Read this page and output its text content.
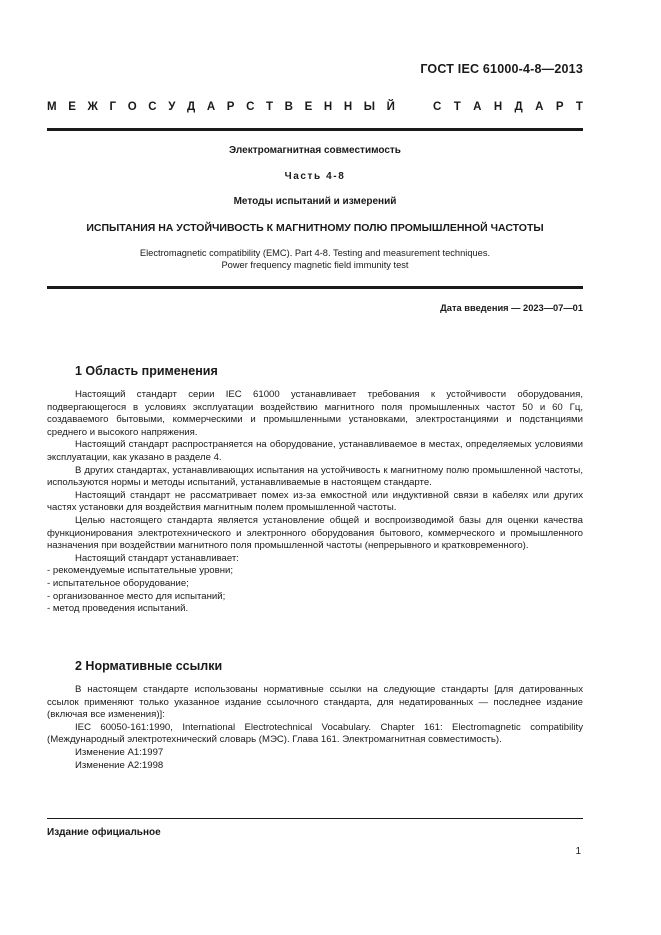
ГОСТ IEC 61000-4-8—2013
М Е Ж Г О С У Д А Р С Т В Е Н Н Ы Й	С Т А Н Д А Р Т
Электромагнитная совместимость
Часть 4-8
Методы испытаний и измерений
ИСПЫТАНИЯ НА УСТОЙЧИВОСТЬ К МАГНИТНОМУ ПОЛЮ ПРОМЫШЛЕННОЙ ЧАСТОТЫ
Electromagnetic compatibility (EMC). Part 4-8. Testing and measurement techniques.
Power frequency magnetic field immunity test
Дата введения — 2023—07—01
1 Область применения

Настоящий стандарт серии IEC 61000 устанавливает требования к устойчивости оборудования, подвергающегося в условиях эксплуатации воздействию магнитного поля промышленных частот 50 и 60 Гц, создаваемого бытовыми, коммерческими и промышленными установками, электростанциями и подстанциями среднего и высокого напряжения.

Настоящий стандарт распространяется на оборудование, устанавливаемое в местах, определяемых условиями эксплуатации, как указано в разделе 4.

В других стандартах, устанавливающих испытания на устойчивость к магнитному полю промышленной частоты, используются нормы и методы испытаний, устанавливаемые в настоящем стандарте.

Настоящий стандарт не рассматривает помех из-за емкостной или индуктивной связи в кабелях или других частях установки для воздействия магнитным полем промышленной частоты.

Целью настоящего стандарта является установление общей и воспроизводимой базы для оценки качества функционирования электротехнического и электронного оборудования бытового, коммерческого и промышленного назначения при воздействии магнитного поля промышленной частоты (непрерывного и кратковременного).

Настоящий стандарт устанавливает:

- рекомендуемые испытательные уровни;

- испытательное оборудование;

- организованное место для испытаний;

- метод проведения испытаний.

2 Нормативные ссылки

В настоящем стандарте использованы нормативные ссылки на следующие стандарты [для датированных ссылок применяют только указанное издание ссылочного стандарта, для недатированных — последнее издание (включая все изменения)]:

IEC 60050-161:1990, International Electrotechnical Vocabulary. Chapter 161: Electromagnetic compatibility (Международный электротехнический словарь (МЭС). Глава 161. Электромагнитная совместимость).

Изменение А1:1997

Изменение А2:1998

Издание официальное
1
